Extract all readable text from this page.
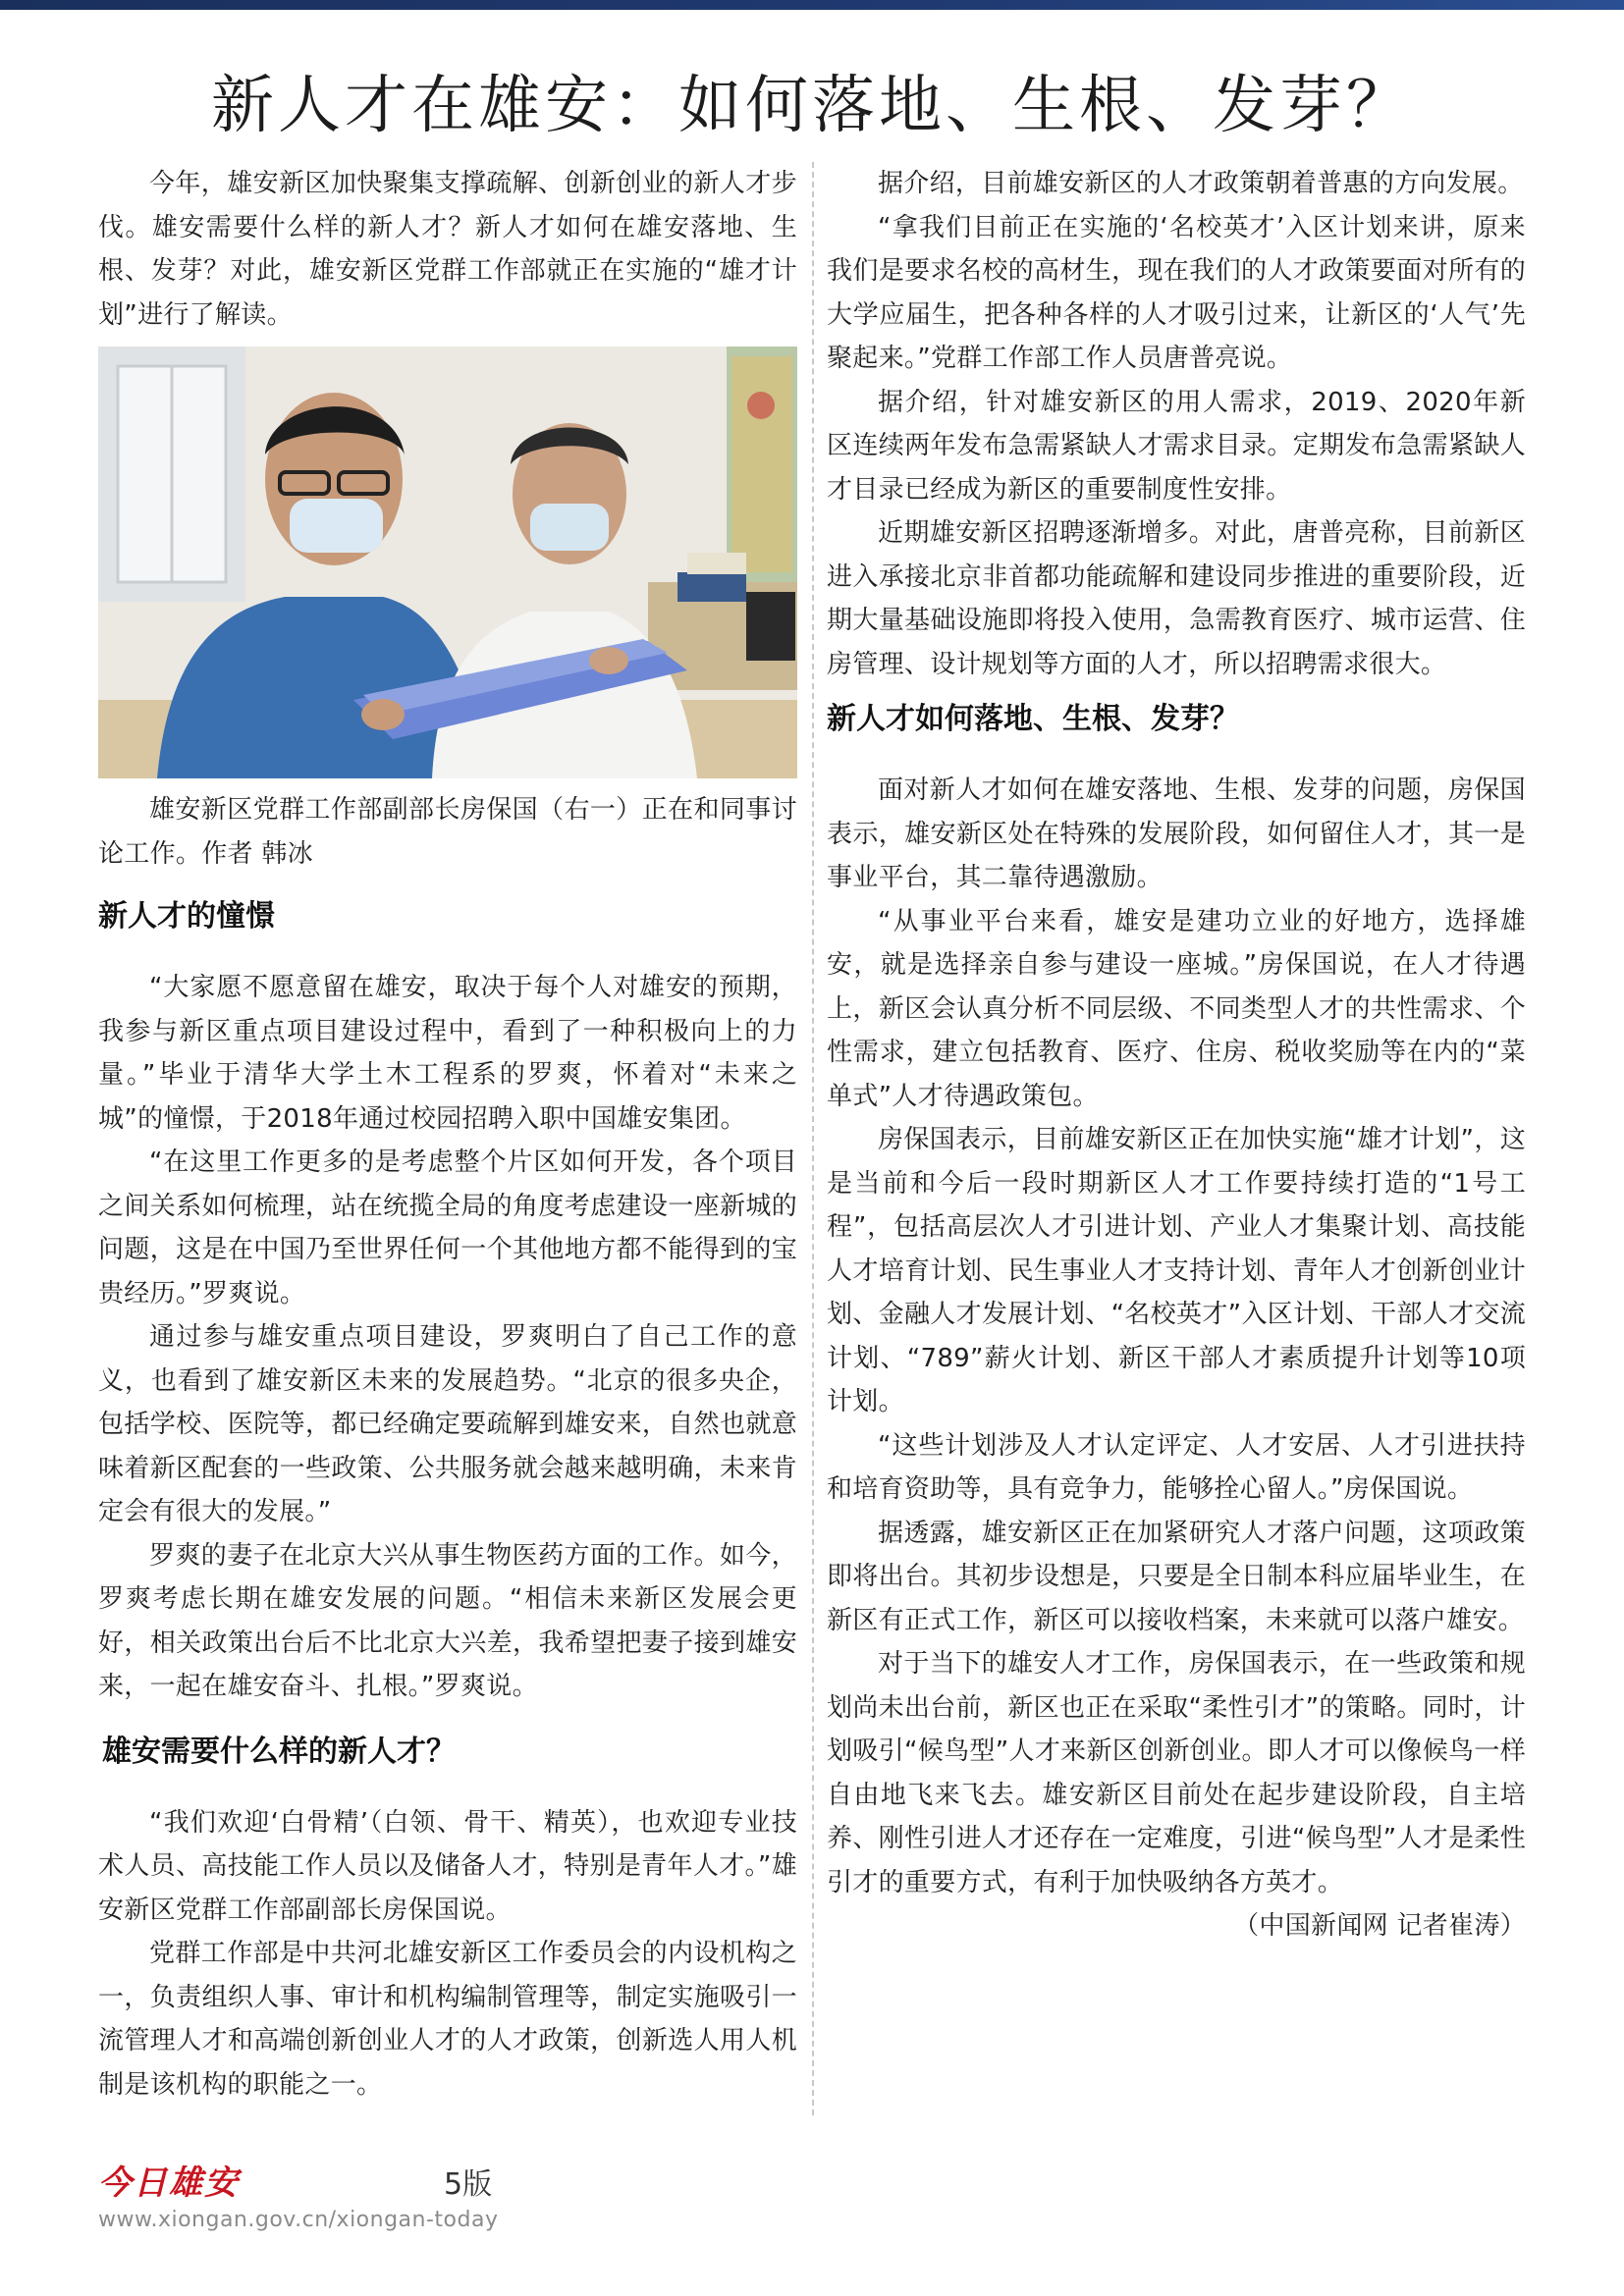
新人才在雄安：如何落地、生根、发芽？

今年，雄安新区加快聚集支撑疏解、创新创业的新人才步伐。雄安需要什么样的新人才？新人才如何在雄安落地、生根、发芽？对此，雄安新区党群工作部就正在实施的“雄才计划”进行了解读。

雄安新区党群工作部副部长房保国（右一）正在和同事讨论工作。作者 韩冰

新人才的憧憬

“大家愿不愿意留在雄安，取决于每个人对雄安的预期，我参与新区重点项目建设过程中，看到了一种积极向上的力量。”毕业于清华大学土木工程系的罗爽，怀着对“未来之城”的憧憬，于2018年通过校园招聘入职中国雄安集团。

“在这里工作更多的是考虑整个片区如何开发，各个项目之间关系如何梳理，站在统揽全局的角度考虑建设一座新城的问题，这是在中国乃至世界任何一个其他地方都不能得到的宝贵经历。”罗爽说。

通过参与雄安重点项目建设，罗爽明白了自己工作的意义，也看到了雄安新区未来的发展趋势。“北京的很多央企，包括学校、医院等，都已经确定要疏解到雄安来，自然也就意味着新区配套的一些政策、公共服务就会越来越明确，未来肯定会有很大的发展。”

罗爽的妻子在北京大兴从事生物医药方面的工作。如今，罗爽考虑长期在雄安发展的问题。“相信未来新区发展会更好，相关政策出台后不比北京大兴差，我希望把妻子接到雄安来，一起在雄安奋斗、扎根。”罗爽说。

雄安需要什么样的新人才？

“我们欢迎‘白骨精’（白领、骨干、精英），也欢迎专业技术人员、高技能工作人员以及储备人才，特别是青年人才。”雄安新区党群工作部副部长房保国说。

党群工作部是中共河北雄安新区工作委员会的内设机构之一，负责组织人事、审计和机构编制管理等，制定实施吸引一流管理人才和高端创新创业人才的人才政策，创新选人用人机制是该机构的职能之一。

据介绍，目前雄安新区的人才政策朝着普惠的方向发展。

“拿我们目前正在实施的‘名校英才’入区计划来讲，原来我们是要求名校的高材生，现在我们的人才政策要面对所有的大学应届生，把各种各样的人才吸引过来，让新区的‘人气’先聚起来。”党群工作部工作人员唐普亮说。

据介绍，针对雄安新区的用人需求，2019、2020年新区连续两年发布急需紧缺人才需求目录。定期发布急需紧缺人才目录已经成为新区的重要制度性安排。

近期雄安新区招聘逐渐增多。对此，唐普亮称，目前新区进入承接北京非首都功能疏解和建设同步推进的重要阶段，近期大量基础设施即将投入使用，急需教育医疗、城市运营、住房管理、设计规划等方面的人才，所以招聘需求很大。

新人才如何落地、生根、发芽？

面对新人才如何在雄安落地、生根、发芽的问题，房保国表示，雄安新区处在特殊的发展阶段，如何留住人才，其一是事业平台，其二靠待遇激励。

“从事业平台来看，雄安是建功立业的好地方，选择雄安，就是选择亲自参与建设一座城。”房保国说，在人才待遇上，新区会认真分析不同层级、不同类型人才的共性需求、个性需求，建立包括教育、医疗、住房、税收奖励等在内的“菜单式”人才待遇政策包。

房保国表示，目前雄安新区正在加快实施“雄才计划”，这是当前和今后一段时期新区人才工作要持续打造的“1号工程”，包括高层次人才引进计划、产业人才集聚计划、高技能人才培育计划、民生事业人才支持计划、青年人才创新创业计划、金融人才发展计划、“名校英才”入区计划、干部人才交流计划、“789”薪火计划、新区干部人才素质提升计划等10项计划。

“这些计划涉及人才认定评定、人才安居、人才引进扶持和培育资助等，具有竞争力，能够拴心留人。”房保国说。

据透露，雄安新区正在加紧研究人才落户问题，这项政策即将出台。其初步设想是，只要是全日制本科应届毕业生，在新区有正式工作，新区可以接收档案，未来就可以落户雄安。

对于当下的雄安人才工作，房保国表示，在一些政策和规划尚未出台前，新区也正在采取“柔性引才”的策略。同时，计划吸引“候鸟型”人才来新区创新创业。即人才可以像候鸟一样自由地飞来飞去。雄安新区目前处在起步建设阶段，自主培养、刚性引进人才还存在一定难度，引进“候鸟型”人才是柔性引才的重要方式，有利于加快吸纳各方英才。
（中国新闻网 记者崔涛）

今日雄安	5版
www.xiongan.gov.cn/xiongan-today
